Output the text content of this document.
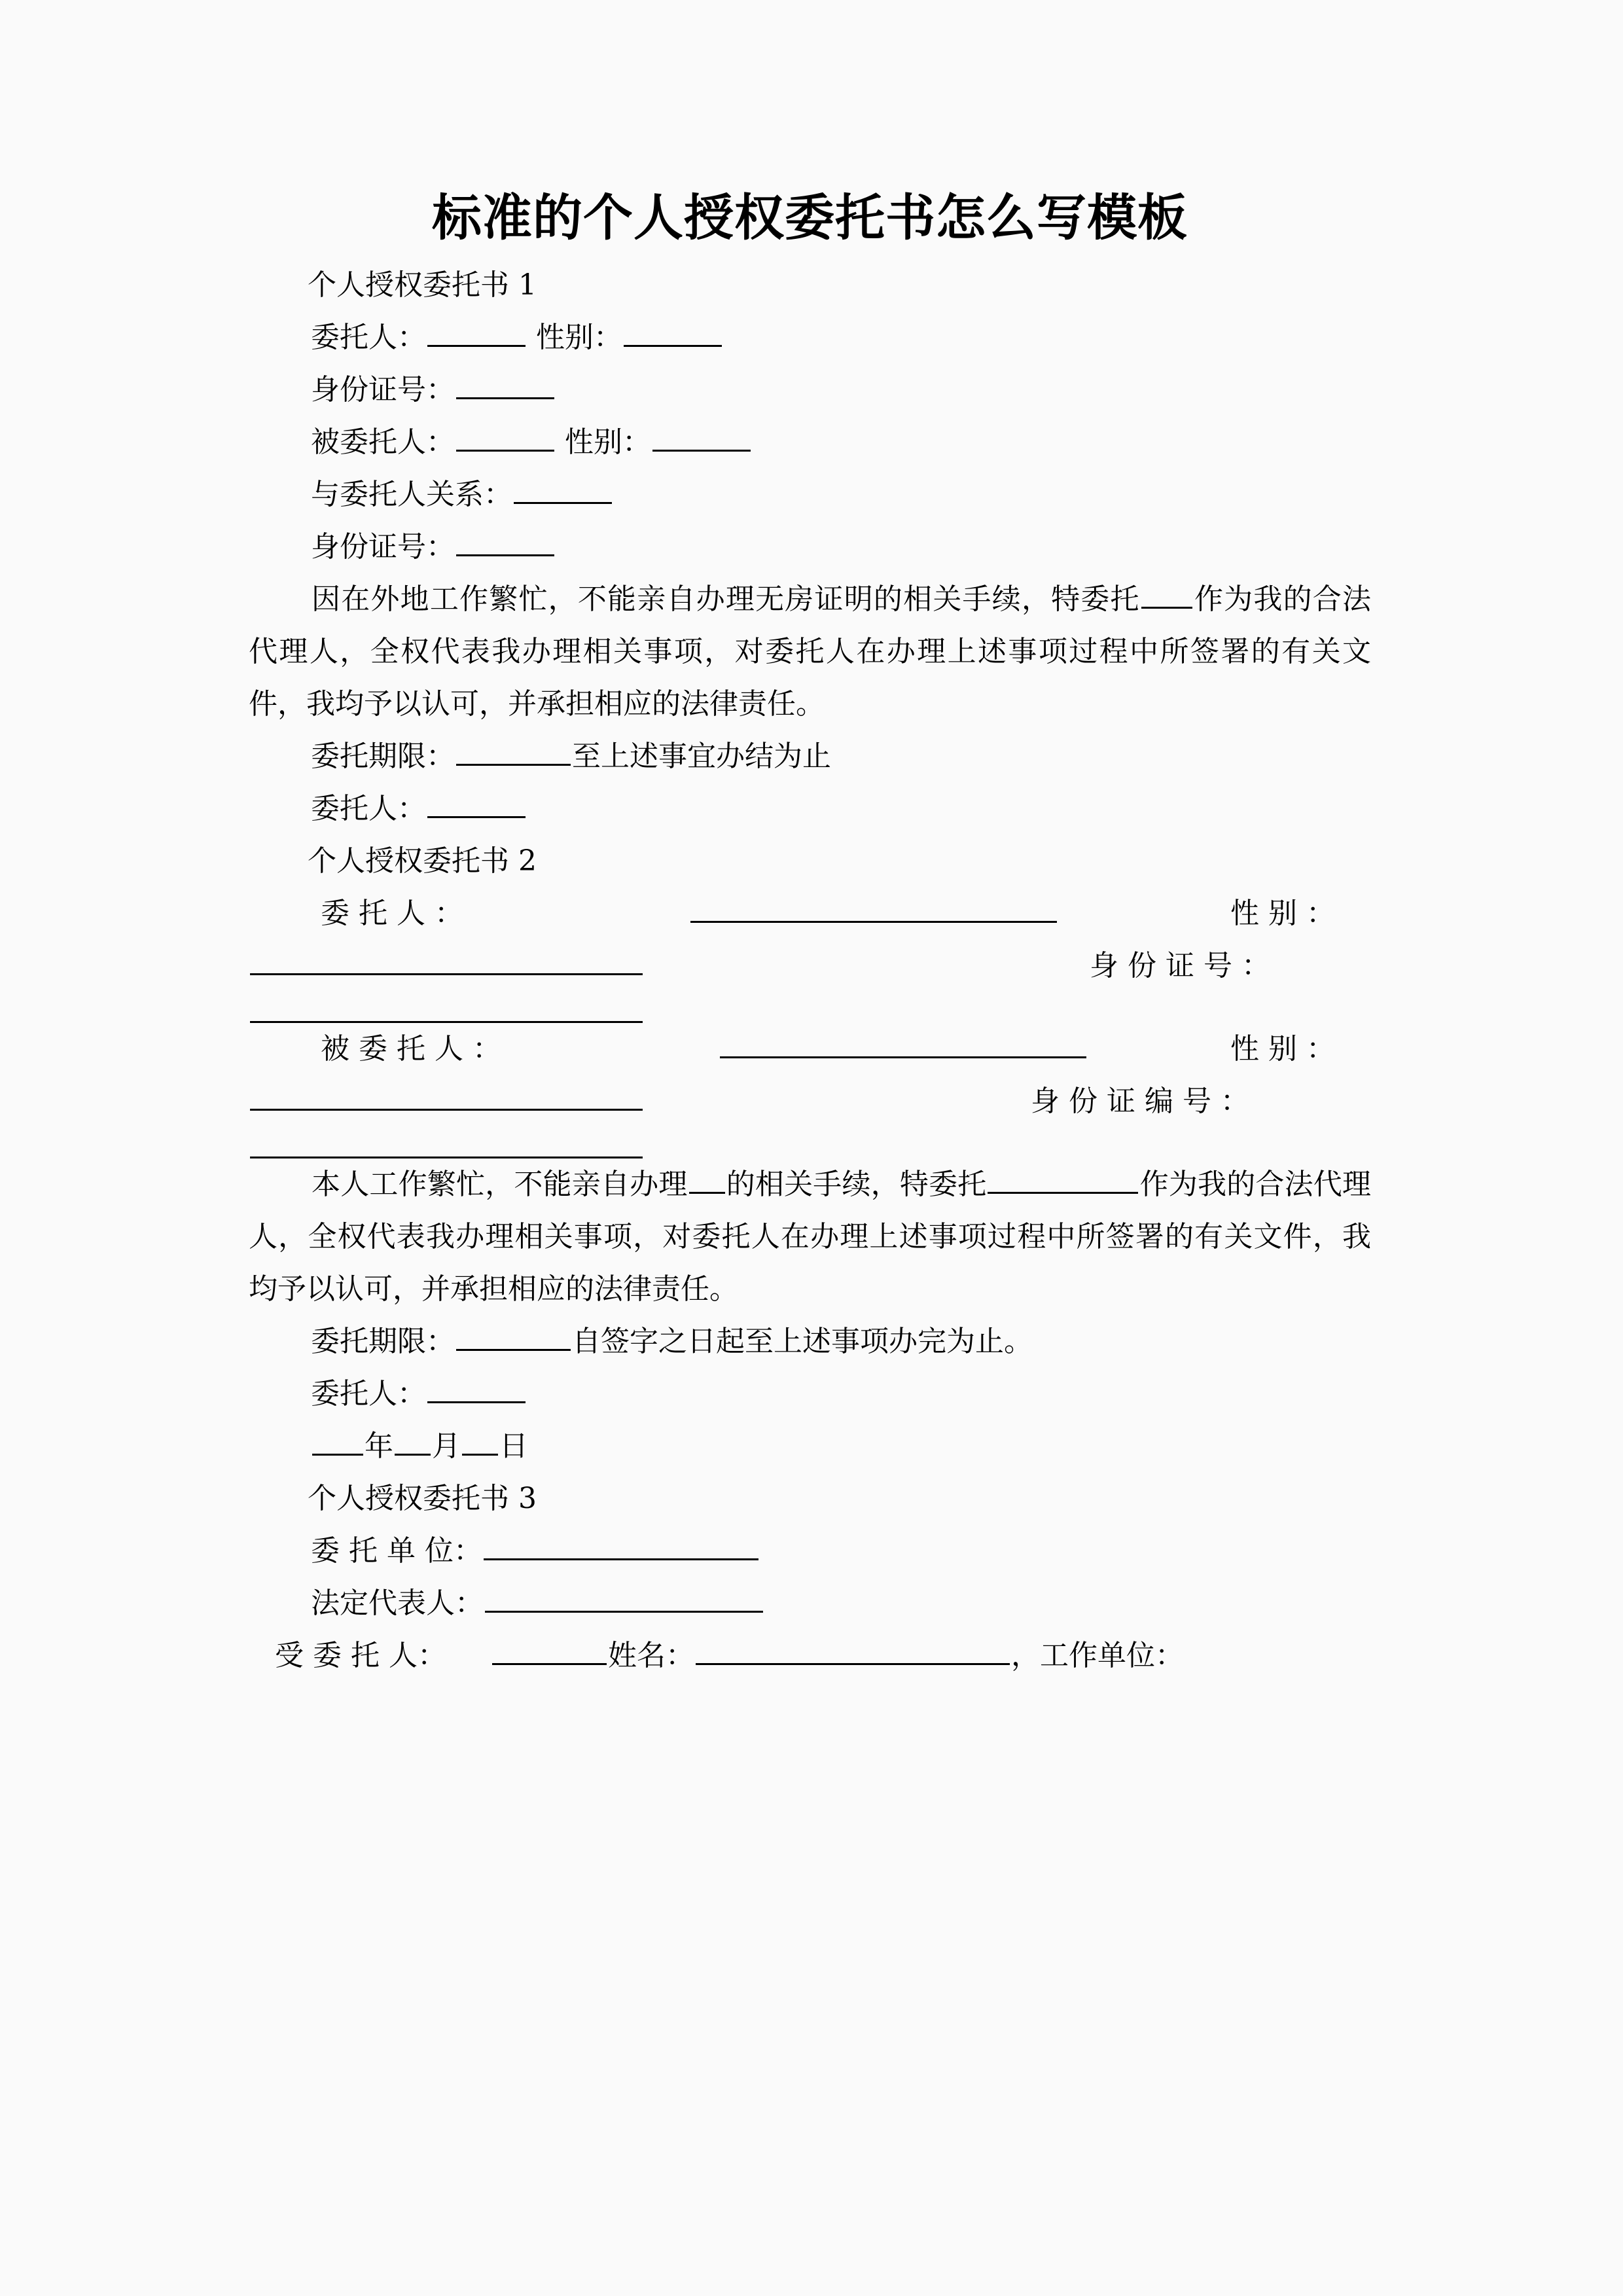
标准的个人授权委托书怎么写模板
个人授权委托书 1
委托人：	性别：
身份证号：
被委托人：	性别：
与委托人关系：
身份证号：

因在外地工作繁忙，不能亲自办理无房证明的相关手续，特委托 作为我的合法代理人，全权代表我办理相关事项，对委托人在办理上述事项过程中所签署的有关文件，我均予以认可，并承担相应的法律责任。

委托期限：	至上述事宜办结为止
委托人：
个人授权委托书 2
委 托 人 ：	性 别 ：
身 份 证 号 ：
被 委 托 人 ：	性 别 ：
身 份 证 编 号 ：

本人工作繁忙，不能亲自办理 的相关手续，特委托	作为我的合法代理人，全权代表我办理相关事项，对委托人在办理上述事项过程中所签署的有关文件，我均予以认可，并承担相应的法律责任。

委托期限：	自签字之日起至上述事项办完为止。
委托人：
年 月 日
个人授权委托书 3
委 托 单 位：
法定代表人：
受 委 托 人：	姓名：	，工作单位：
